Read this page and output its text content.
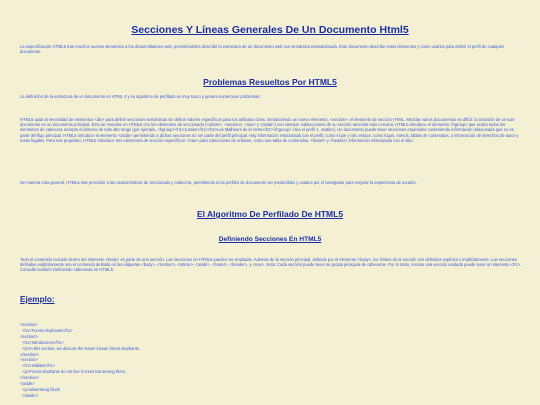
Secciones Y Líneas Generales De Un Documento Html5

La especificación HTML5 trae muchos nuevos elementos a los desarrolladores web, permitiéndoles describir la estructura de un documento web con semántica estandarizada. Este documento describe estos elementos y cómo usarlos para definir el perfil de cualquier documento.

Problemas Resueltos Por HTML5

La definición de la estructura de un documento en HTML 4 y su algoritmo de perfilado es muy tosco y genera numerosos problemas:

HTML5 quita la necesidad de elementos <div> para definir secciones semánticas sin definir valores específicos para los atributos class, introduciendo un nuevo elemento, <section>, el elemento de sección HTML. Mezclar varios documentos es difícil: la inclusión de un sub-documento en un documento principal. Esto se resuelve en HTML5 con los elementos de seccionado (<article>, <section>, <nav> y <aside>) son siempre subsecciones de su sección ancestra más cercana. HTML5 introduce el elemento <hgroup> que oculta todos los elementos de cabecera excepto el primero de más alto rango (por ejemplo, <hgroup><h1>Justine</h1><h2>Les Malheurs de la Vertu</h2></hgroup> crea el perfil 1. Justine). Un documento puede tener secciones especiales conteniendo información relacionada que no es parte del flujo principal. HTML5 introduce el elemento <aside> permitiendo a dichas secciones no ser parte del perfil principal. Hay información relacionada con el perfil, como el pie y otro enlace, como logos, menús, tablas de contenidos, o información de derechos de autor y notas legales. Para ese propósito, HTML5 introduce tres elementos de sección específicos: <nav> para colecciones de enlaces, como una tabla de contenidos, <footer> y <header> información relacionada con el sitio.

De manera más general, HTML5 trae precisión a las características de seccionado y cabecera, permitiendo a los perfiles de documento ser predecibles y usados por el navegador para mejorar la experiencia de usuario.

El Algoritmo De Perfilado De HTML5
Definiendo Secciones En HTML5

Todo el contenido incluido dentro del elemento <body> es parte de una sección. Las secciones en HTML5 pueden ser anidadas. Además de la sección principal, definida por el elemento <body>, los límites de la sección son definidos explícita o implícitamente. Las secciones definidas explícitamente son el contenido definido en las etiquetas <body>, <section>, <article>, <aside>, <footer>, <header>, y <nav>. Nota: Cada sección puede tener su propia jerarquía de cabeceras. Por lo tanto, incluso una sección anidada puede tener un elemento <h1>. Consulte también Definiendo cabeceras en HTML5.

Ejemplo:
<section>
<h1>Forest elephants</h1>
<section>
<h1>Introduction</h1>
<p>In this section, we discuss the lesser known forest elephants.
</section>
<section>
<h1>Habitat</h1>
<p>Forest elephants do not live in trees but among them.
</section>
<aside>
<p>advertising block
</aside>
